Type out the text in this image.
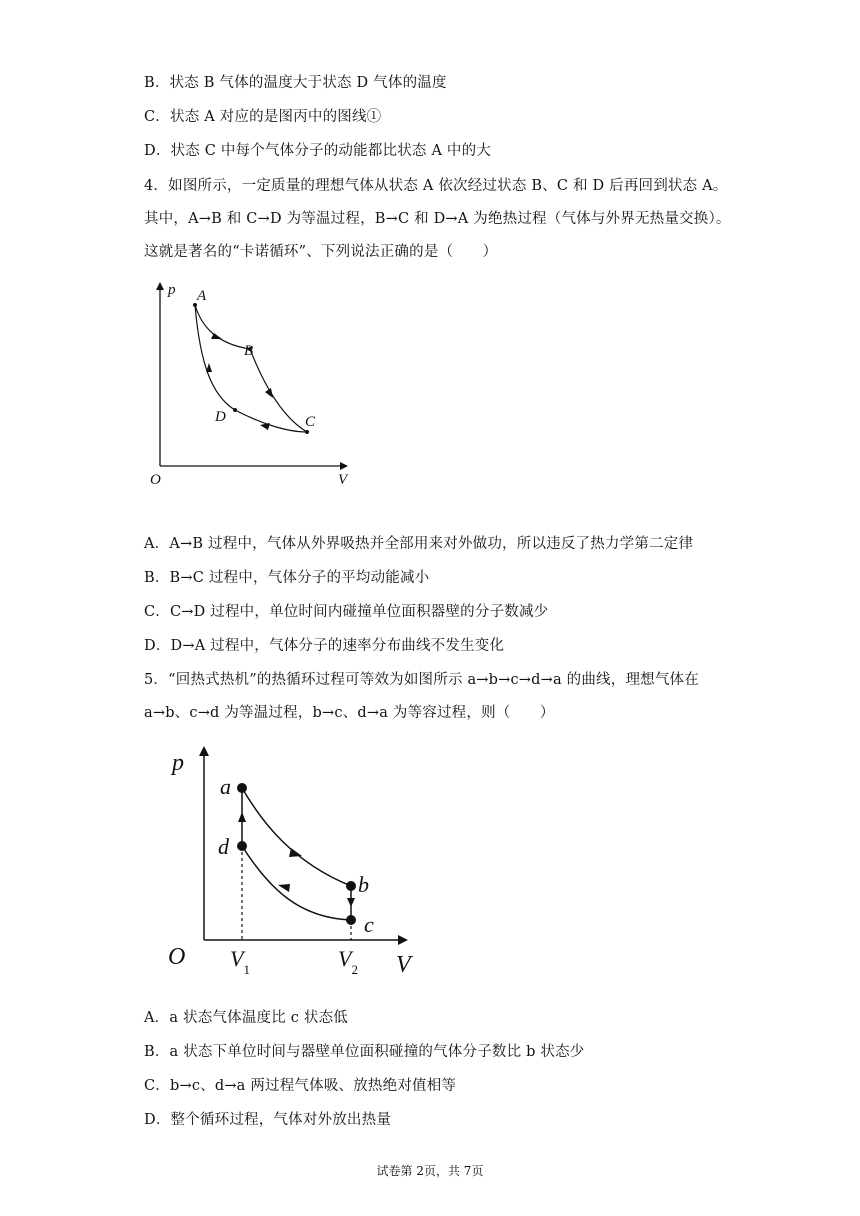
B．状态 B 气体的温度大于状态 D 气体的温度
C．状态 A 对应的是图丙中的图线①
D．状态 C 中每个气体分子的动能都比状态 A 中的大
4．如图所示，一定质量的理想气体从状态 A 依次经过状态 B、C 和 D 后再回到状态 A。
其中，A→B 和 C→D 为等温过程，B→C 和 D→A 为绝热过程（气体与外界无热量交换）。
这就是著名的“卡诺循环”、下列说法正确的是（　　）
p
V
O
A
B
C
D
A．A→B 过程中，气体从外界吸热并全部用来对外做功，所以违反了热力学第二定律
B．B→C 过程中，气体分子的平均动能减小
C．C→D 过程中，单位时间内碰撞单位面积器壁的分子数减少
D．D→A 过程中，气体分子的速率分布曲线不发生变化
5．“回热式热机”的热循环过程可等效为如图所示 a→b→c→d→a 的曲线，理想气体在
a→b、c→d 为等温过程，b→c、d→a 为等容过程，则（　　）
p
V
O
a
b
c
d
$V_1$	$V_2$
A．a 状态气体温度比 c 状态低
B．a 状态下单位时间与器壁单位面积碰撞的气体分子数比 b 状态少
C．b→c、d→a 两过程气体吸、放热绝对值相等
D．整个循环过程，气体对外放出热量
试卷第 2页，共 7页
